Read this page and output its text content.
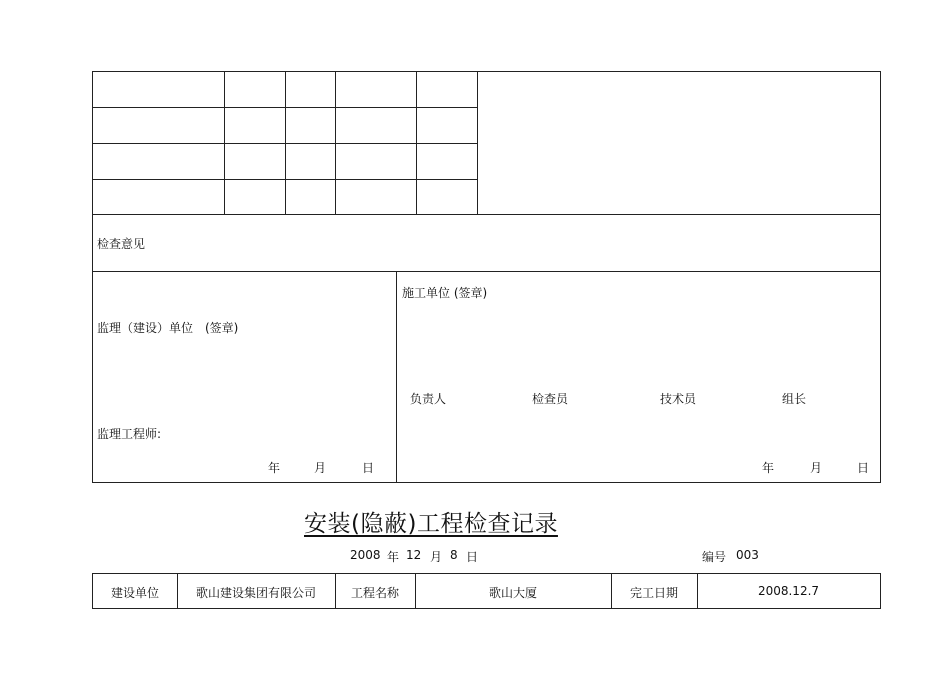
检查意见
监理（建设）单位　(签章)
监理工程师:
年	月	日
施工单位 (签章)
负责人	检查员	技术员	组长
年	月	日
安装(隐蔽)工程检查记录
2008 年 12 月 8 日	编号 003
建设单位	歌山建设集团有限公司	工程名称	歌山大厦	完工日期	2008.12.7
